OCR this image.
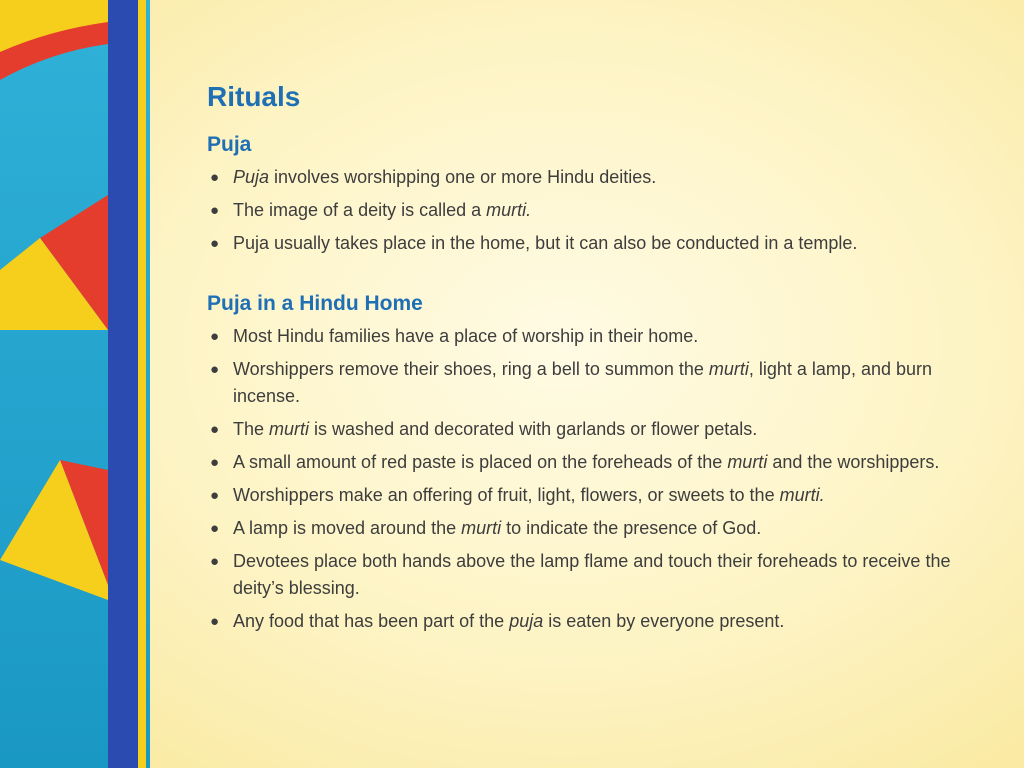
Rituals
Puja
● Puja involves worshipping one or more Hindu deities.
● The image of a deity is called a murti.
● Puja usually takes place in the home, but it can also be conducted in a temple.
Puja in a Hindu Home
● Most Hindu families have a place of worship in their home.
● Worshippers remove their shoes, ring a bell to summon the murti, light a lamp, and burn incense.
● The murti is washed and decorated with garlands or flower petals.
● A small amount of red paste is placed on the foreheads of the murti and the worshippers.
● Worshippers make an offering of fruit, light, flowers, or sweets to the murti.
● A lamp is moved around the murti to indicate the presence of God.
● Devotees place both hands above the lamp flame and touch their foreheads to receive the deity’s blessing.
● Any food that has been part of the puja is eaten by everyone present.
